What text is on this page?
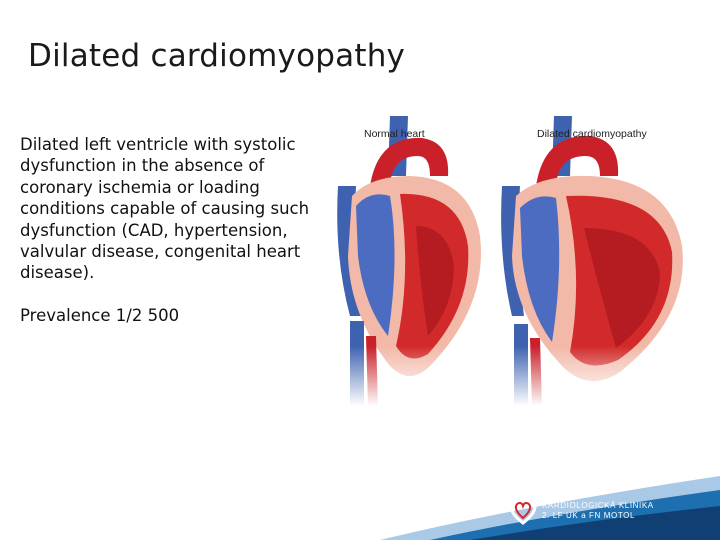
Dilated cardiomyopathy

Dilated left ventricle with systolic dysfunction in the absence of coronary ischemia or loading conditions capable of causing such dysfunction (CAD, hypertension, valvular disease, congenital heart disease).

Prevalence 1/2 500

Normal heart	Dilated cardiomyopathy
KARDIOLOGICKÁ KLINIKA
2. LF UK a FN MOTOL
